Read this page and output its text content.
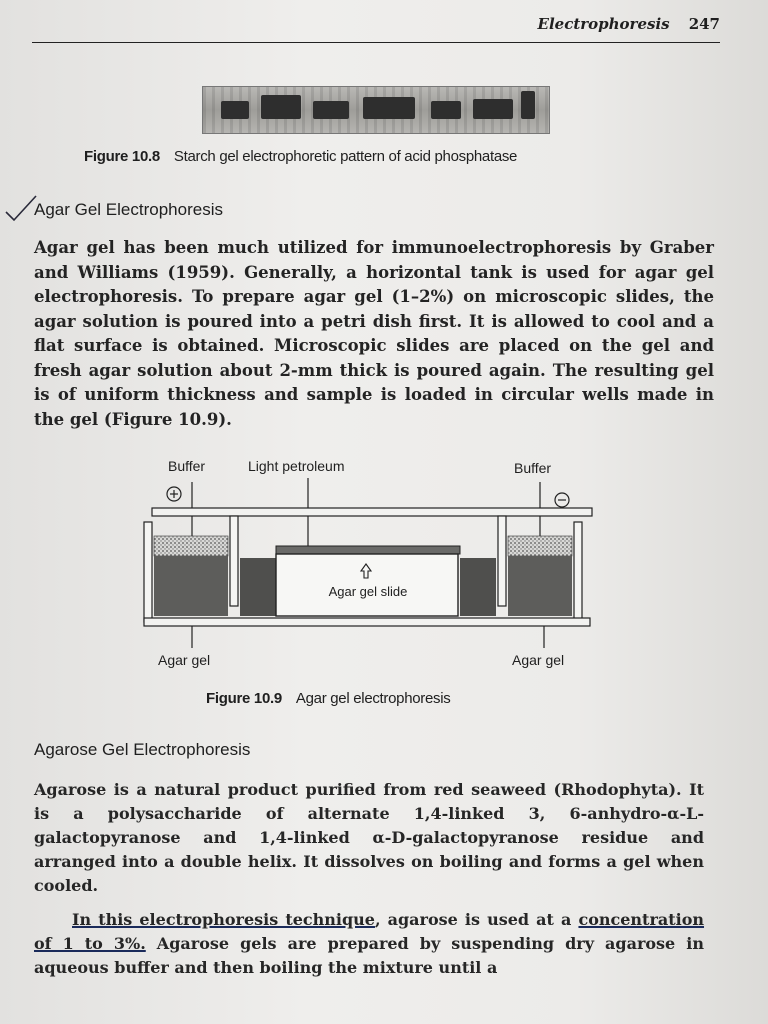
Electrophoresis 247
Figure 10.8 Starch gel electrophoretic pattern of acid phosphatase
Agar Gel Electrophoresis
Agar gel has been much utilized for immunoelectrophoresis by Graber and Williams (1959). Generally, a horizontal tank is used for agar gel electrophoresis. To prepare agar gel (1–2%) on microscopic slides, the agar solution is poured into a petri dish first. It is allowed to cool and a flat surface is obtained. Microscopic slides are placed on the gel and fresh agar solution about 2-mm thick is poured again. The resulting gel is of uniform thickness and sample is loaded in circular wells made in the gel (Figure 10.9).
Buffer	Light petroleum	Buffer
Agar gel slide
Agar gel	Agar gel
Figure 10.9 Agar gel electrophoresis
Agarose Gel Electrophoresis
Agarose is a natural product purified from red seaweed (Rhodophyta). It is a polysaccharide of alternate 1,4-linked 3, 6-anhydro-α-L-galactopyranose and 1,4-linked α-D-galactopyranose residue and arranged into a double helix. It dissolves on boiling and forms a gel when cooled.
In this electrophoresis technique, agarose is used at a concentration of 1 to 3%. Agarose gels are prepared by suspending dry agarose in aqueous buffer and then boiling the mixture until a
